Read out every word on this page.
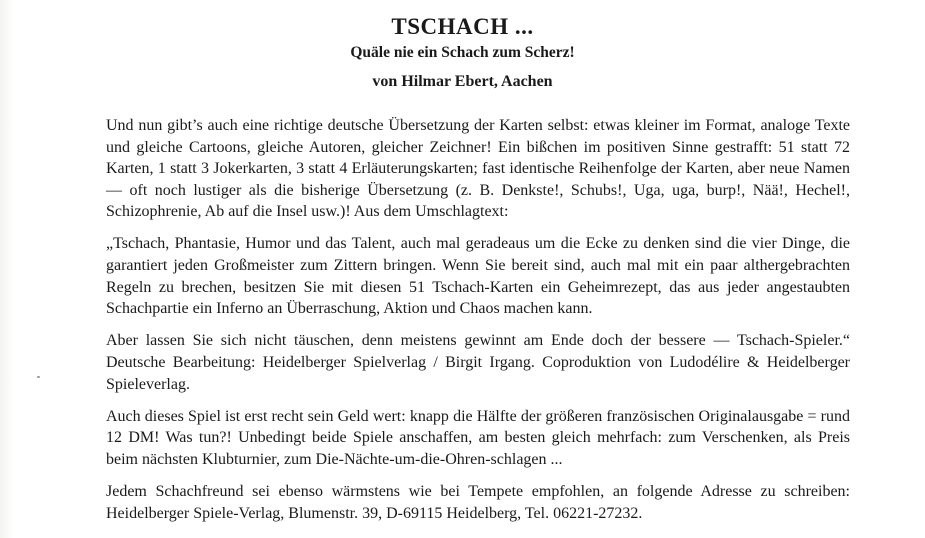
TSCHACH ...
Quäle nie ein Schach zum Scherz!
von Hilmar Ebert, Aachen

Und nun gibt’s auch eine richtige deutsche Übersetzung der Karten selbst: etwas kleiner im Format, analoge Texte und gleiche Cartoons, gleiche Autoren, gleicher Zeichner! Ein bißchen im positiven Sinne gestrafft: 51 statt 72 Karten, 1 statt 3 Jokerkarten, 3 statt 4 Erläuterungskarten; fast identische Reihenfolge der Karten, aber neue Namen — oft noch lustiger als die bisherige Übersetzung (z. B. Denkste!, Schubs!, Uga, uga, burp!, Nää!, Hechel!, Schizophrenie, Ab auf die Insel usw.)! Aus dem Umschlagtext:

„Tschach, Phantasie, Humor und das Talent, auch mal geradeaus um die Ecke zu denken sind die vier Dinge, die garantiert jeden Großmeister zum Zittern bringen. Wenn Sie bereit sind, auch mal mit ein paar althergebrachten Regeln zu brechen, besitzen Sie mit diesen 51 Tschach-Karten ein Geheimrezept, das aus jeder angestaubten Schachpartie ein Inferno an Überraschung, Aktion und Chaos machen kann.

Aber lassen Sie sich nicht täuschen, denn meistens gewinnt am Ende doch der bessere — Tschach-Spieler.“ Deutsche Bearbeitung: Heidelberger Spielverlag / Birgit Irgang. Coproduktion von Ludodélire & Heidelberger Spieleverlag.

Auch dieses Spiel ist erst recht sein Geld wert: knapp die Hälfte der größeren französischen Originalausgabe = rund 12 DM! Was tun?! Unbedingt beide Spiele anschaffen, am besten gleich mehrfach: zum Verschenken, als Preis beim nächsten Klubturnier, zum Die-Nächte-um-die-Ohren-schlagen ...

Jedem Schachfreund sei ebenso wärmstens wie bei Tempete empfohlen, an folgende Adresse zu schreiben: Heidelberger Spiele-Verlag, Blumenstr. 39, D-69115 Heidelberg, Tel. 06221-27232.
